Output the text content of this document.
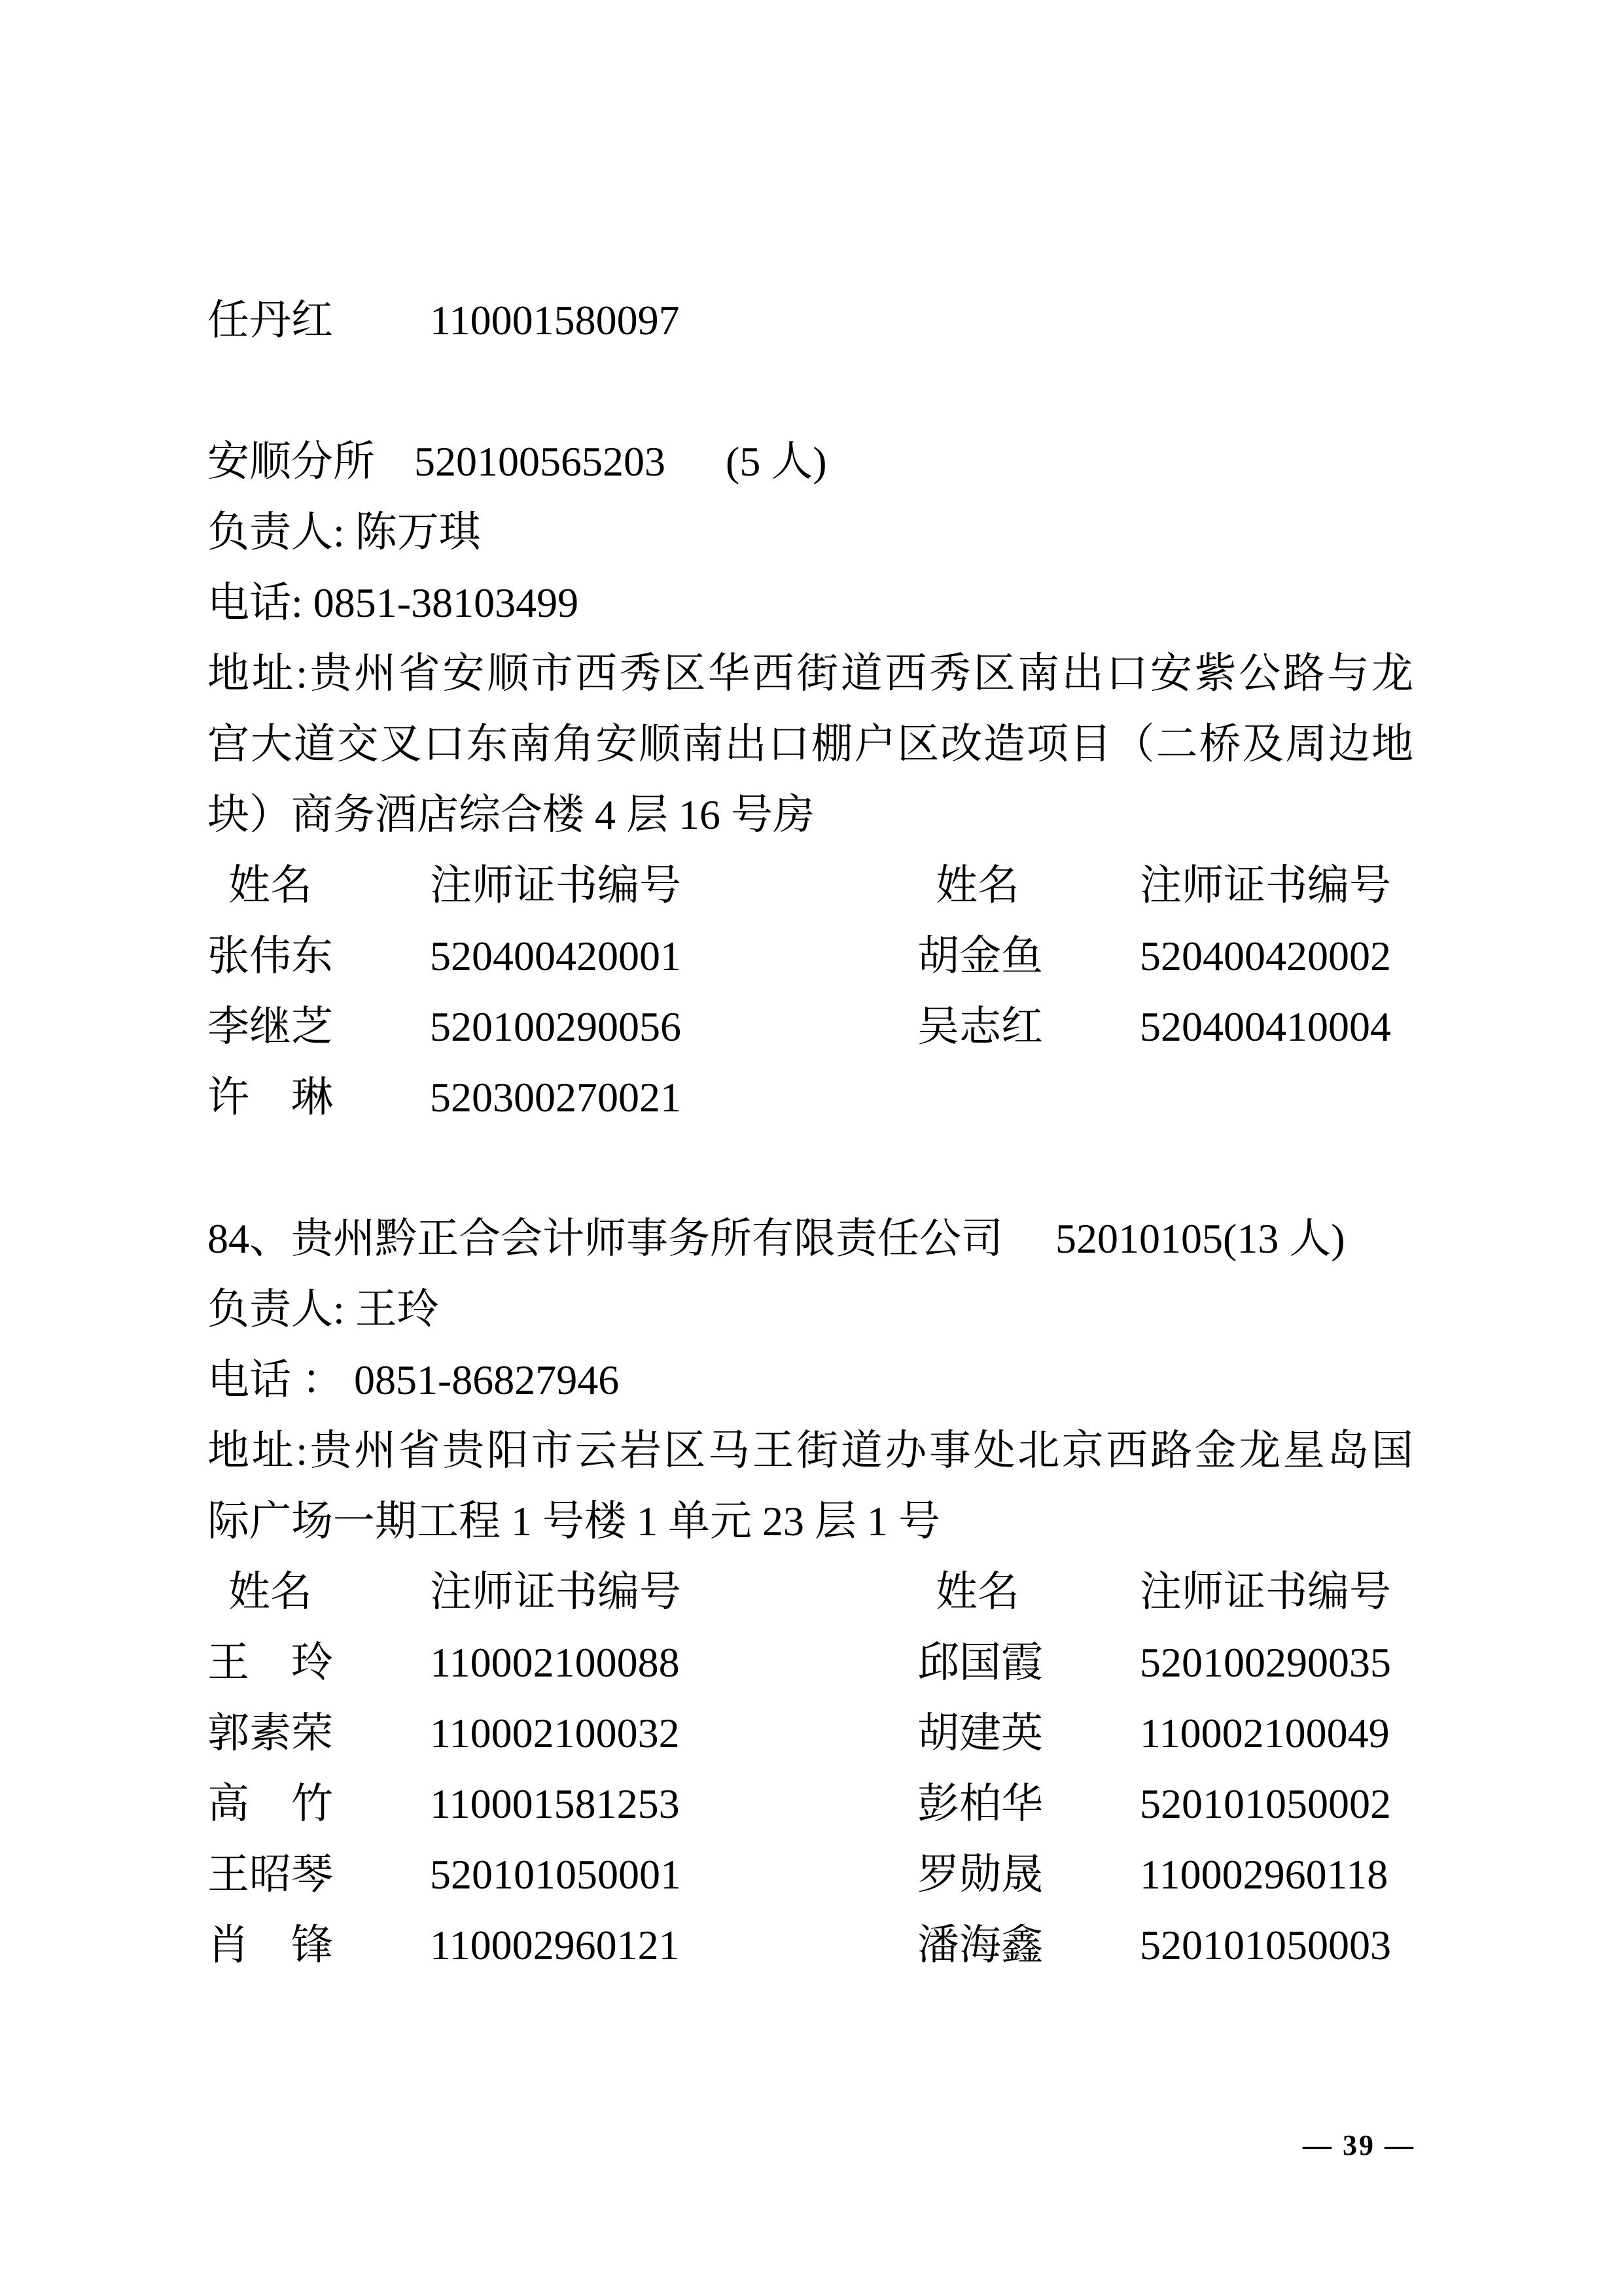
任丹红	110001580097
安顺分所 520100565203 (5 人)
负责人: 陈万琪
电话: 0851-38103499
地址:贵州省安顺市西秀区华西街道西秀区南出口安紫公路与龙
宫大道交叉口东南角安顺南出口棚户区改造项目（二桥及周边地
块）商务酒店综合楼 4 层 16 号房
姓名	注师证书编号	姓名	注师证书编号
张伟东	520400420001	胡金鱼	520400420002
李继芝	520100290056	吴志红	520400410004
许　琳	520300270021
84、贵州黔正合会计师事务所有限责任公司 52010105(13 人)
负责人: 王玲
电话 ： 0851-86827946
地址:贵州省贵阳市云岩区马王街道办事处北京西路金龙星岛国
际广场一期工程 1 号楼 1 单元 23 层 1 号
姓名	注师证书编号	姓名	注师证书编号
王　玲	110002100088	邱国霞	520100290035
郭素荣	110002100032	胡建英	110002100049
高　竹	110001581253	彭柏华	520101050002
王昭琴	520101050001	罗勋晟	110002960118
肖　锋	110002960121	潘海鑫	520101050003
— 39 —
